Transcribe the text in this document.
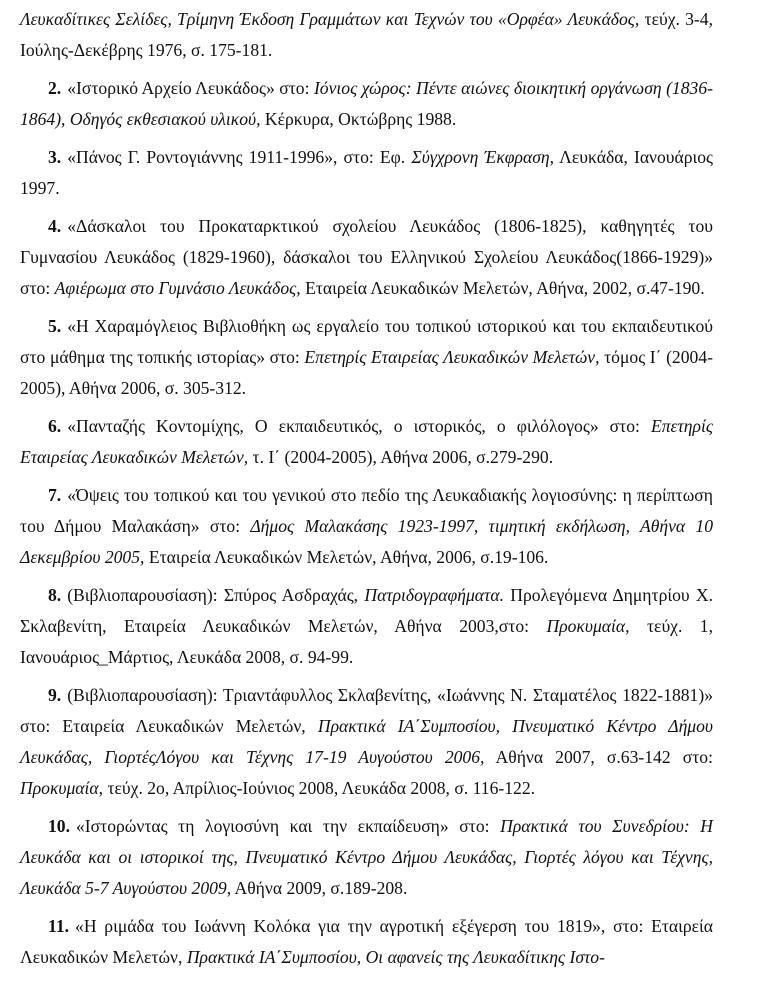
Λευκαδίτικες Σελίδες, Τρίμηνη Έκδοση Γραμμάτων και Τεχνών του «Ορφέα» Λευκάδος, τεύχ. 3-4, Ιούλης-Δεκέβρης 1976, σ. 175-181.

2. «Ιστορικό Αρχείο Λευκάδος» στο: Ιόνιος χώρος: Πέντε αιώνες διοικητική οργάνωση (1836-1864), Οδηγός εκθεσιακού υλικού, Κέρκυρα, Οκτώβρης 1988.

3. «Πάνος Γ. Ροντογιάννης 1911-1996», στο: Εφ. Σύγχρονη Έκφραση, Λευκάδα, Ιανουάριος 1997.

4. «Δάσκαλοι του Προκαταρκτικού σχολείου Λευκάδος (1806-1825), καθηγητές του Γυμνασίου Λευκάδος (1829-1960), δάσκαλοι του Ελληνικού Σχολείου Λευκάδος(1866-1929)» στο: Αφιέρωμα στο Γυμνάσιο Λευκάδος, Εταιρεία Λευκαδικών Μελετών, Αθήνα, 2002, σ.47-190.

5. «Η Χαραμόγλειος Βιβλιοθήκη ως εργαλείο του τοπικού ιστορικού και του εκπαιδευτικού στο μάθημα της τοπικής ιστορίας» στο: Επετηρίς Εταιρείας Λευκαδικών Μελετών, τόμος Ι΄ (2004-2005), Αθήνα 2006, σ. 305-312.

6. «Πανταζής Κοντομίχης, Ο εκπαιδευτικός, ο ιστορικός, ο φιλόλογος» στο: Επετηρίς Εταιρείας Λευκαδικών Μελετών, τ. Ι΄ (2004-2005), Αθήνα 2006, σ.279-290.

7. «Όψεις του τοπικού και του γενικού στο πεδίο της Λευκαδιακής λογιοσύνης: η περίπτωση του Δήμου Μαλακάση» στο: Δήμος Μαλακάσης 1923-1997, τιμητική εκδήλωση, Αθήνα 10 Δεκεμβρίου 2005, Εταιρεία Λευκαδικών Μελετών, Αθήνα, 2006, σ.19-106.

8. (Βιβλιοπαρουσίαση): Σπύρος Ασδραχάς, Πατριδογραφήματα. Προλεγόμενα Δημητρίου Χ. Σκλαβενίτη, Εταιρεία Λευκαδικών Μελετών, Αθήνα 2003,στο: Προκυμαία, τεύχ. 1, Ιανουάριος_Μάρτιος, Λευκάδα 2008, σ. 94-99.

9. (Βιβλιοπαρουσίαση): Τριαντάφυλλος Σκλαβενίτης, «Ιωάννης Ν. Σταματέλος 1822-1881)» στο: Εταιρεία Λευκαδικών Μελετών, Πρακτικά ΙΑ΄Συμποσίου, Πνευματικό Κέντρο Δήμου Λευκάδας, ΓιορτέςΛόγου και Τέχνης 17-19 Αυγούστου 2006, Αθήνα 2007, σ.63-142 στο: Προκυμαία, τεύχ. 2ο, Απρίλιος-Ιούνιος 2008, Λευκάδα 2008, σ. 116-122.

10. «Ιστορώντας τη λογιοσύνη και την εκπαίδευση» στο: Πρακτικά του Συνεδρίου: Η Λευκάδα και οι ιστορικοί της, Πνευματικό Κέντρο Δήμου Λευκάδας, Γιορτές λόγου και Τέχνης, Λευκάδα 5-7 Αυγούστου 2009, Αθήνα 2009, σ.189-208.

11. «Η ριμάδα του Ιωάννη Κολόκα για την αγροτική εξέγερση του 1819», στο: Εταιρεία Λευκαδικών Μελετών, Πρακτικά ΙΑ΄Συμποσίου, Οι αφανείς της Λευκαδίτικης Ιστο-
